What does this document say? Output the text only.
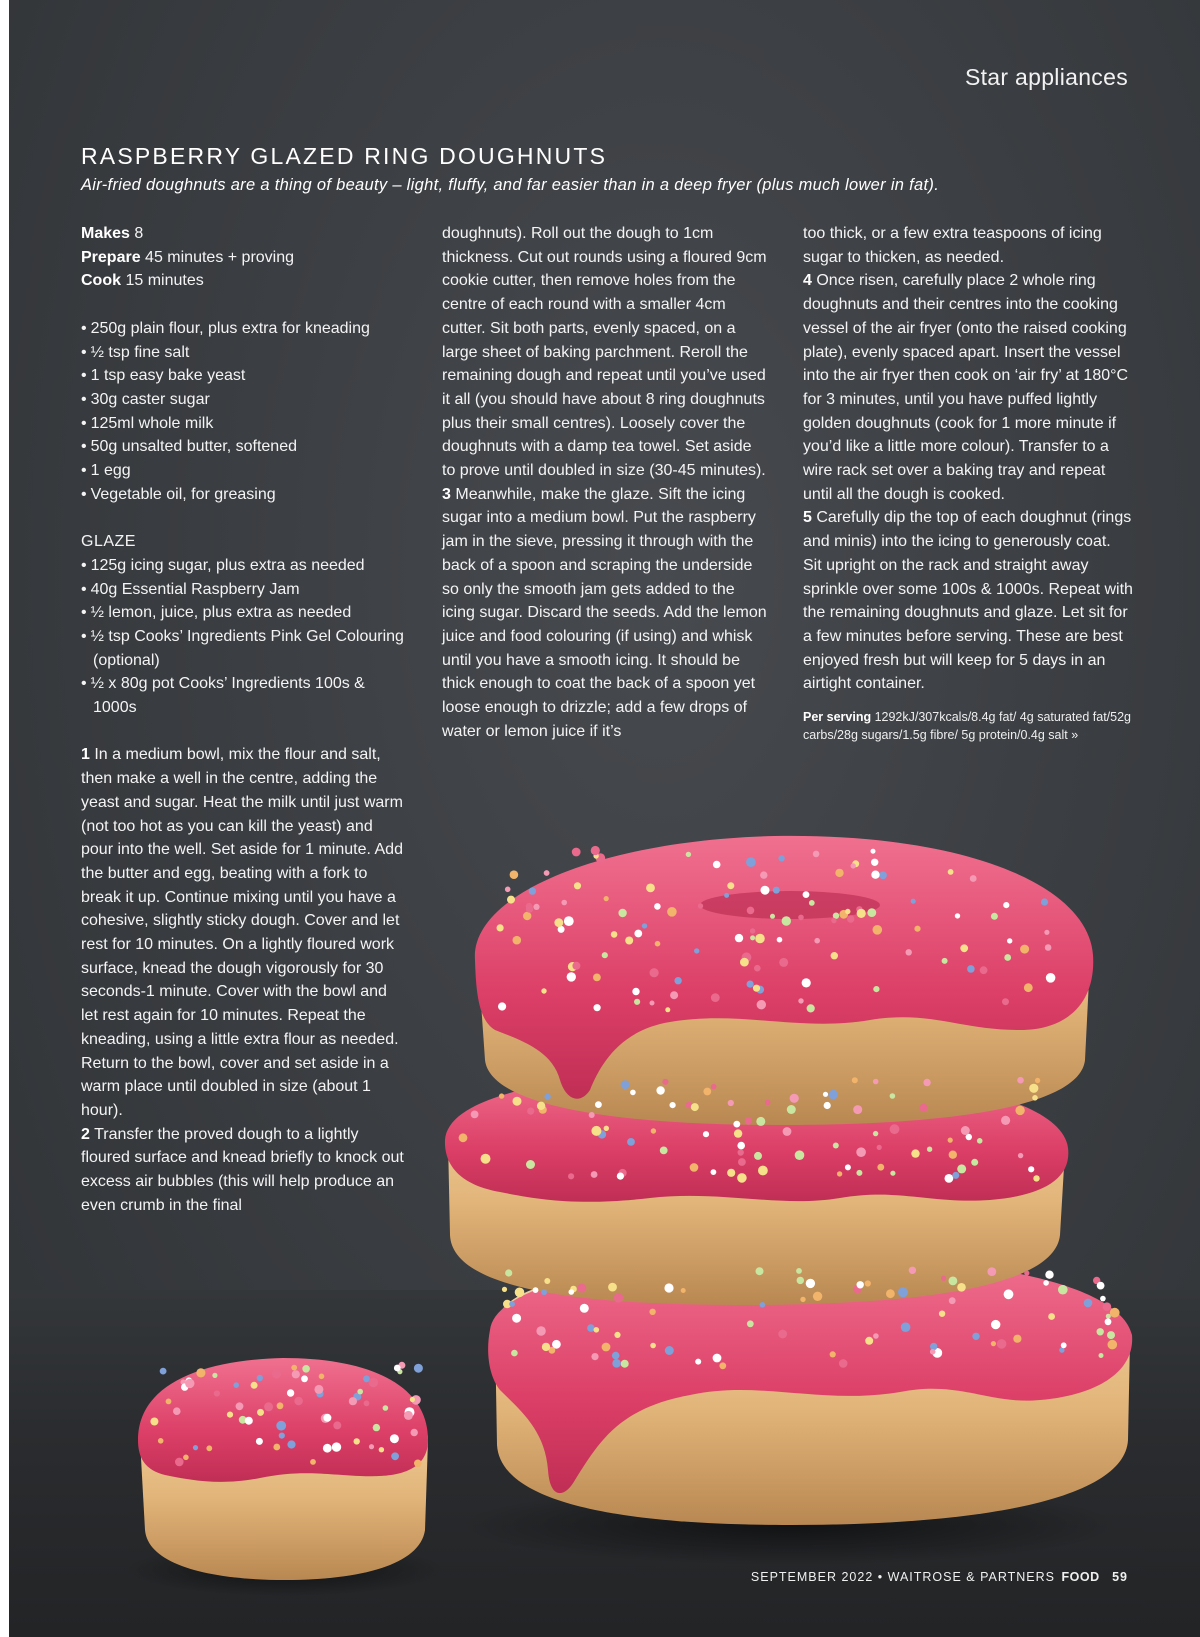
Star appliances
RASPBERRY GLAZED RING DOUGHNUTS
Air-fried doughnuts are a thing of beauty – light, fluffy, and far easier than in a deep fryer (plus much lower in fat).
Makes 8
Prepare 45 minutes + proving
Cook 15 minutes
• 250g plain flour, plus extra for kneading
• ½ tsp fine salt
• 1 tsp easy bake yeast
• 30g caster sugar
• 125ml whole milk
• 50g unsalted butter, softened
• 1 egg
• Vegetable oil, for greasing
GLAZE
• 125g icing sugar, plus extra as needed
• 40g Essential Raspberry Jam
• ½ lemon, juice, plus extra as needed
• ½ tsp Cooks’ Ingredients Pink Gel Colouring (optional)
• ½ x 80g pot Cooks’ Ingredients 100s & 1000s

1 In a medium bowl, mix the flour and salt, then make a well in the centre, adding the yeast and sugar. Heat the milk until just warm (not too hot as you can kill the yeast) and pour into the well. Set aside for 1 minute. Add the butter and egg, beating with a fork to break it up. Continue mixing until you have a cohesive, slightly sticky dough. Cover and let rest for 10 minutes. On a lightly floured work surface, knead the dough vigorously for 30 seconds-1 minute. Cover with the bowl and let rest again for 10 minutes. Repeat the kneading, using a little extra flour as needed. Return to the bowl, cover and set aside in a warm place until doubled in size (about 1 hour).

2 Transfer the proved dough to a lightly floured surface and knead briefly to knock out excess air bubbles (this will help produce an even crumb in the final

doughnuts). Roll out the dough to 1cm thickness. Cut out rounds using a floured 9cm cookie cutter, then remove holes from the centre of each round with a smaller 4cm cutter. Sit both parts, evenly spaced, on a large sheet of baking parchment. Reroll the remaining dough and repeat until you’ve used it all (you should have about 8 ring doughnuts plus their small centres). Loosely cover the doughnuts with a damp tea towel. Set aside to prove until doubled in size (30-45 minutes).

3 Meanwhile, make the glaze. Sift the icing sugar into a medium bowl. Put the raspberry jam in the sieve, pressing it through with the back of a spoon and scraping the underside so only the smooth jam gets added to the icing sugar. Discard the seeds. Add the lemon juice and food colouring (if using) and whisk until you have a smooth icing. It should be thick enough to coat the back of a spoon yet loose enough to drizzle; add a few drops of water or lemon juice if it’s

too thick, or a few extra teaspoons of icing sugar to thicken, as needed.

4 Once risen, carefully place 2 whole ring doughnuts and their centres into the cooking vessel of the air fryer (onto the raised cooking plate), evenly spaced apart. Insert the vessel into the air fryer then cook on ‘air fry’ at 180°C for 3 minutes, until you have puffed lightly golden doughnuts (cook for 1 more minute if you’d like a little more colour). Transfer to a wire rack set over a baking tray and repeat until all the dough is cooked.

5 Carefully dip the top of each doughnut (rings and minis) into the icing to generously coat. Sit upright on the rack and straight away sprinkle over some 100s & 1000s. Repeat with the remaining doughnuts and glaze. Let sit for a few minutes before serving. These are best enjoyed fresh but will keep for 5 days in an airtight container.

Per serving 1292kJ/307kcals/8.4g fat/ 4g saturated fat/52g carbs/28g sugars/1.5g fibre/ 5g protein/0.4g salt »
SEPTEMBER 2022 • WAITROSE & PARTNERS FOOD 59
